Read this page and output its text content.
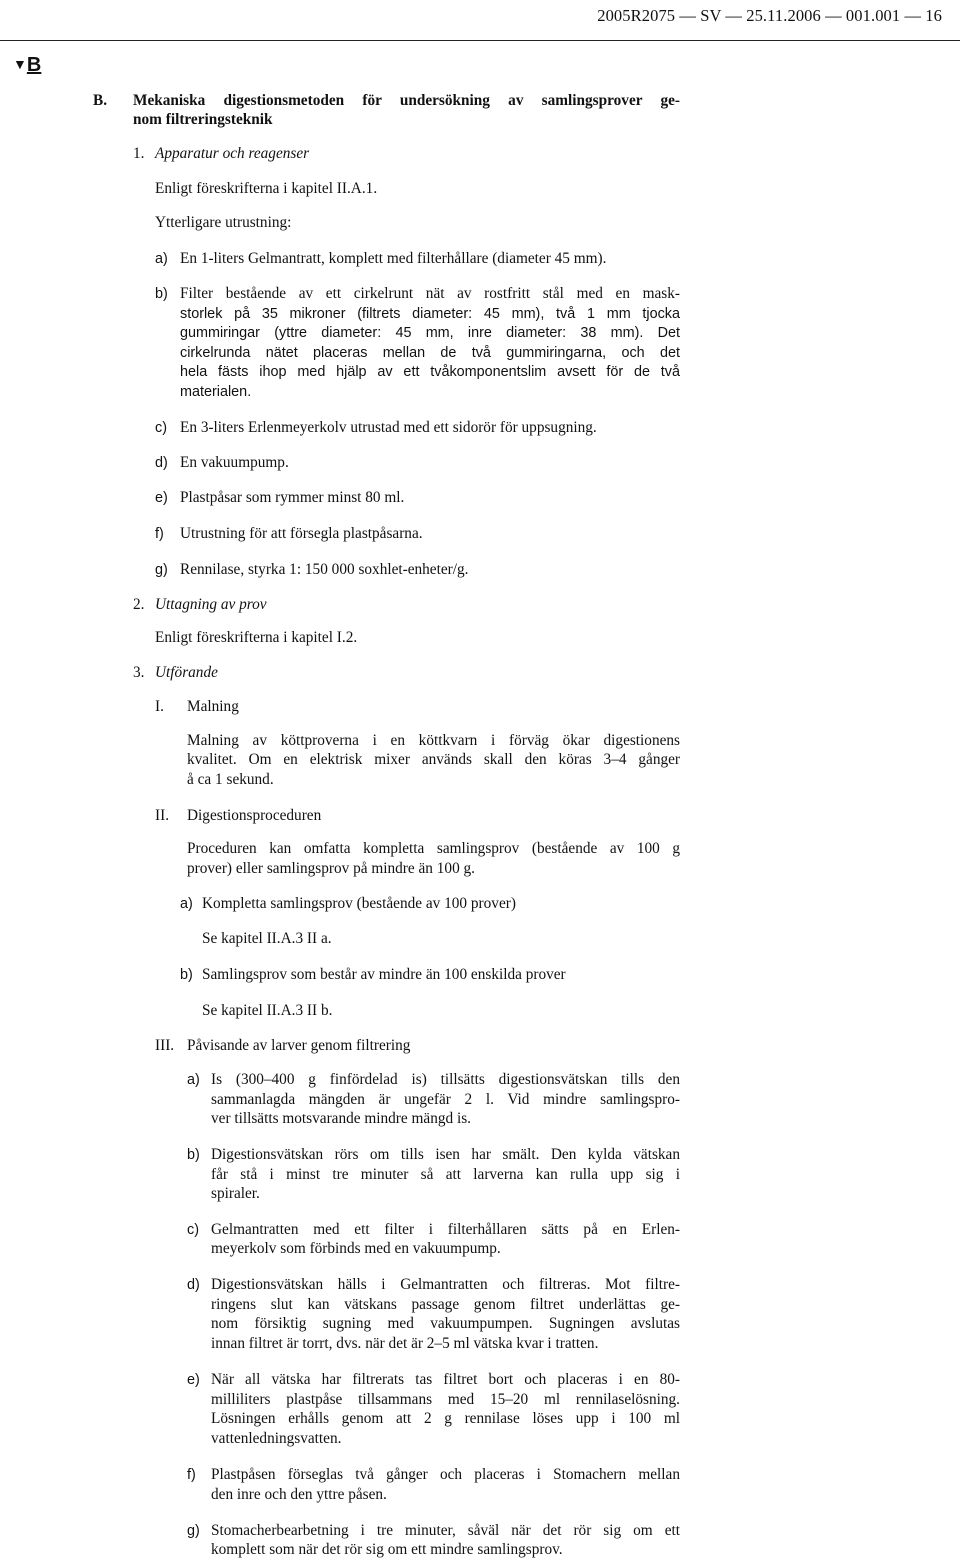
2005R2075 — SV — 25.11.2006 — 001.001 — 16
▼B
B. Mekaniska digestionsmetoden för undersökning av samlingsprover ge-
nom filtreringsteknik
1. Apparatur och reagenser
Enligt föreskrifterna i kapitel II.A.1.
Ytterligare utrustning:
a) En 1-liters Gelmantratt, komplett med filterhållare (diameter 45 mm).
b) Filter bestående av ett cirkelrunt nät av rostfritt stål med en mask-
storlek på 35 mikroner (filtrets diameter: 45 mm), två 1 mm tjocka
gummiringar (yttre diameter: 45 mm, inre diameter: 38 mm). Det
cirkelrunda nätet placeras mellan de två gummiringarna, och det
hela fästs ihop med hjälp av ett tvåkomponentslim avsett för de två
materialen.
c) En 3-liters Erlenmeyerkolv utrustad med ett sidorör för uppsugning.
d) En vakuumpump.
e) Plastpåsar som rymmer minst 80 ml.
f) Utrustning för att försegla plastpåsarna.
g) Rennilase, styrka 1: 150 000 soxhlet-enheter/g.
2. Uttagning av prov
Enligt föreskrifterna i kapitel I.2.
3. Utförande
I. Malning
Malning av köttproverna i en köttkvarn i förväg ökar digestionens
kvalitet. Om en elektrisk mixer används skall den köras 3–4 gånger
å ca 1 sekund.
II. Digestionsproceduren
Proceduren kan omfatta kompletta samlingsprov (bestående av 100 g
prover) eller samlingsprov på mindre än 100 g.
a) Kompletta samlingsprov (bestående av 100 prover)
Se kapitel II.A.3 II a.
b) Samlingsprov som består av mindre än 100 enskilda prover
Se kapitel II.A.3 II b.
III. Påvisande av larver genom filtrering
a) Is (300–400 g finfördelad is) tillsätts digestionsvätskan tills den
sammanlagda mängden är ungefär 2 l. Vid mindre samlingspro-
ver tillsätts motsvarande mindre mängd is.
b) Digestionsvätskan rörs om tills isen har smält. Den kylda vätskan
får stå i minst tre minuter så att larverna kan rulla upp sig i
spiraler.
c) Gelmantratten med ett filter i filterhållaren sätts på en Erlen-
meyerkolv som förbinds med en vakuumpump.
d) Digestionsvätskan hälls i Gelmantratten och filtreras. Mot filtre-
ringens slut kan vätskans passage genom filtret underlättas ge-
nom försiktig sugning med vakuumpumpen. Sugningen avslutas
innan filtret är torrt, dvs. när det är 2–5 ml vätska kvar i tratten.
e) När all vätska har filtrerats tas filtret bort och placeras i en 80-
milliliters plastpåse tillsammans med 15–20 ml rennilaselösning.
Lösningen erhålls genom att 2 g rennilase löses upp i 100 ml
vattenledningsvatten.
f) Plastpåsen förseglas två gånger och placeras i Stomachern mellan
den inre och den yttre påsen.
g) Stomacherbearbetning i tre minuter, såväl när det rör sig om ett
komplett som när det rör sig om ett mindre samlingsprov.
